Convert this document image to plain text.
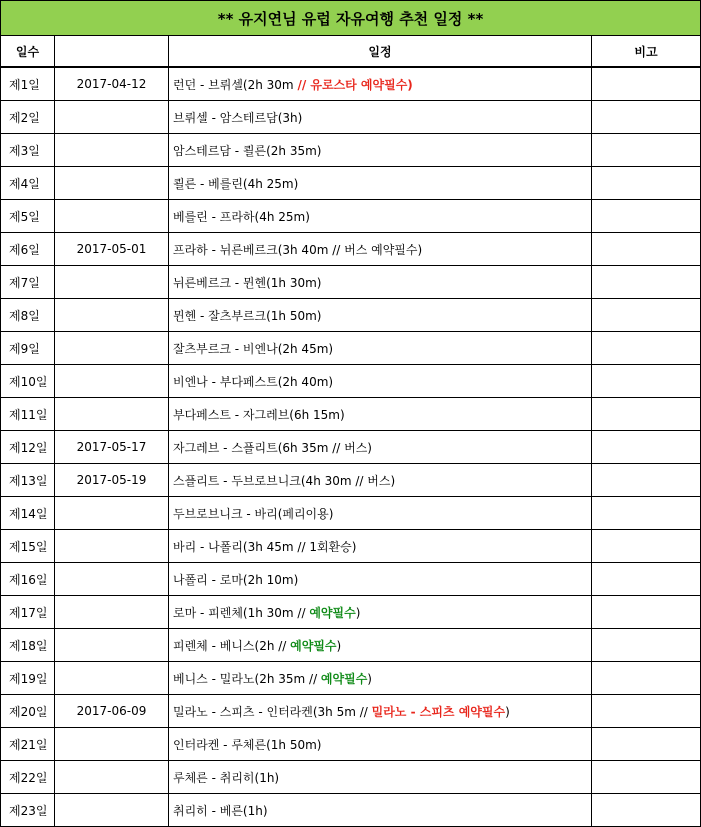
** 유지연님 유럽 자유여행 추천 일정 **			
일수		일정	비고
제1일	2017-04-12	런던 - 브뤼셀(2h 30m // 유로스타 예약필수)	
제2일		브뤼셀 - 암스테르담(3h)	
제3일		암스테르담 - 쾰른(2h 35m)	
제4일		쾰른 - 베를린(4h 25m)	
제5일		베를린 - 프라하(4h 25m)	
제6일	2017-05-01	프라하 - 뉘른베르크(3h 40m // 버스 예약필수)	
제7일		뉘른베르크 - 뮌헨(1h 30m)	
제8일		뮌헨 - 잘츠부르크(1h 50m)	
제9일		잘츠부르크 - 비엔나(2h 45m)	
제10일		비엔나 - 부다페스트(2h 40m)	
제11일		부다페스트 - 자그레브(6h 15m)	
제12일	2017-05-17	자그레브 - 스플리트(6h 35m // 버스)	
제13일	2017-05-19	스플리트 - 두브로브니크(4h 30m // 버스)	
제14일		두브로브니크 - 바리(페리이용)	
제15일		바리 - 나폴리(3h 45m // 1회환승)	
제16일		나폴리 - 로마(2h 10m)	
제17일		로마 - 피렌체(1h 30m // 예약필수)	
제18일		피렌체 - 베니스(2h // 예약필수)	
제19일		베니스 - 밀라노(2h 35m // 예약필수)	
제20일	2017-06-09	밀라노 - 스피츠 - 인터라켄(3h 5m // 밀라노 - 스피츠 예약필수)	
제21일		인터라켄 - 루체른(1h 50m)	
제22일		루체른 - 취리히(1h)	
제23일		취리히 - 베른(1h)	
